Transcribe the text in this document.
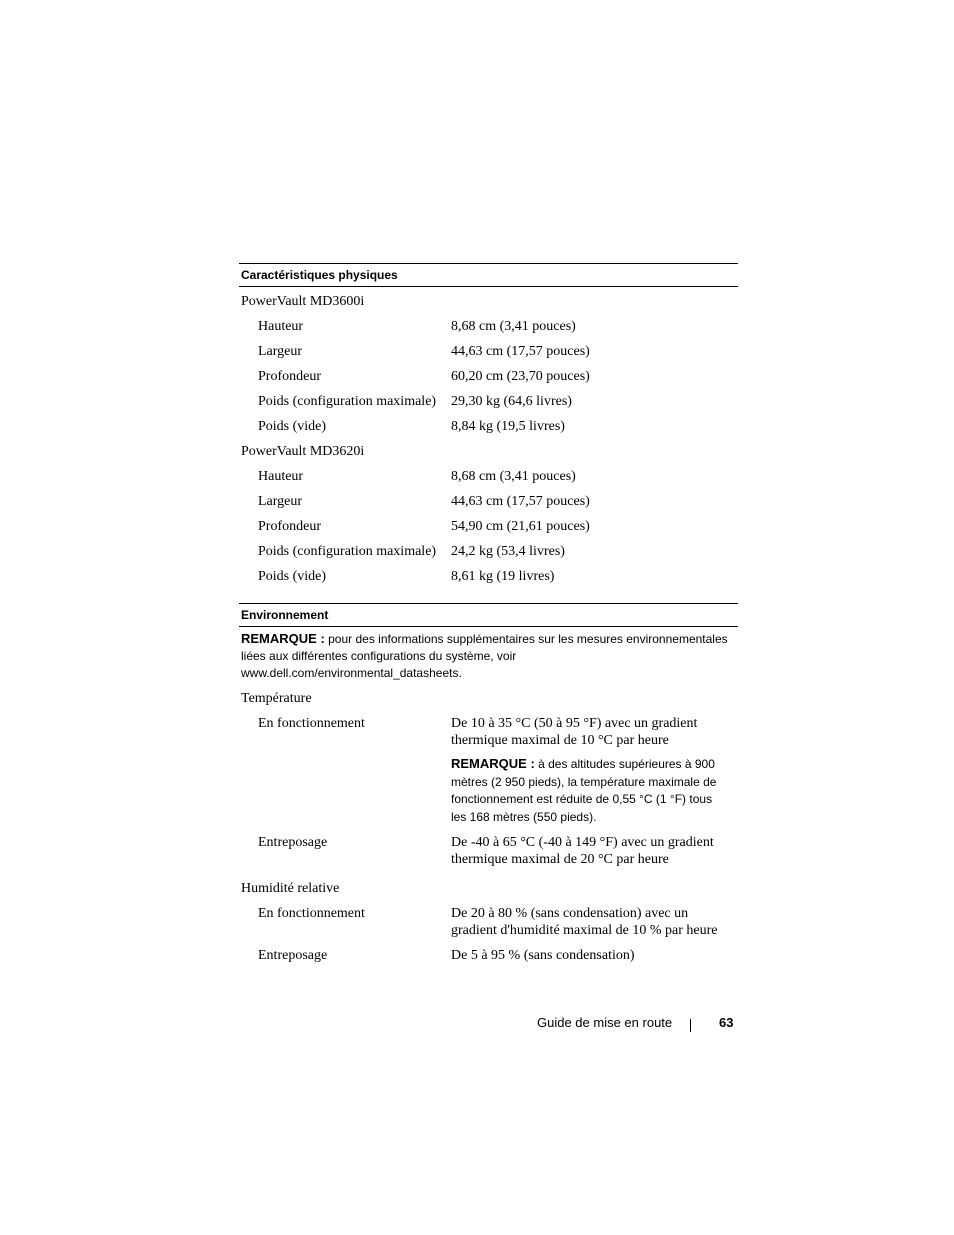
Caractéristiques physiques
PowerVault MD3600i
Hauteur	8,68 cm (3,41 pouces)
Largeur	44,63 cm (17,57 pouces)
Profondeur	60,20 cm (23,70 pouces)
Poids (configuration maximale)	29,30 kg (64,6 livres)
Poids (vide)	8,84 kg (19,5 livres)
PowerVault MD3620i
Hauteur	8,68 cm (3,41 pouces)
Largeur	44,63 cm (17,57 pouces)
Profondeur	54,90 cm (21,61 pouces)
Poids (configuration maximale)	24,2 kg (53,4 livres)
Poids (vide)	8,61 kg (19 livres)
Environnement
REMARQUE : pour des informations supplémentaires sur les mesures environnementales liées aux différentes configurations du système, voir www.dell.com/environmental_datasheets.
Température
En fonctionnement	De 10 à 35 °C (50 à 95 °F) avec un gradient thermique maximal de 10 °C par heure
REMARQUE : à des altitudes supérieures à 900 mètres (2 950 pieds), la température maximale de fonctionnement est réduite de 0,55 °C (1 °F) tous les 168 mètres (550 pieds).
Entreposage	De -40 à 65 °C (-40 à 149 °F) avec un gradient thermique maximal de 20 °C par heure
Humidité relative
En fonctionnement	De 20 à 80 % (sans condensation) avec un gradient d'humidité maximal de 10 % par heure
Entreposage	De 5 à 95 % (sans condensation)
Guide de mise en route	63
